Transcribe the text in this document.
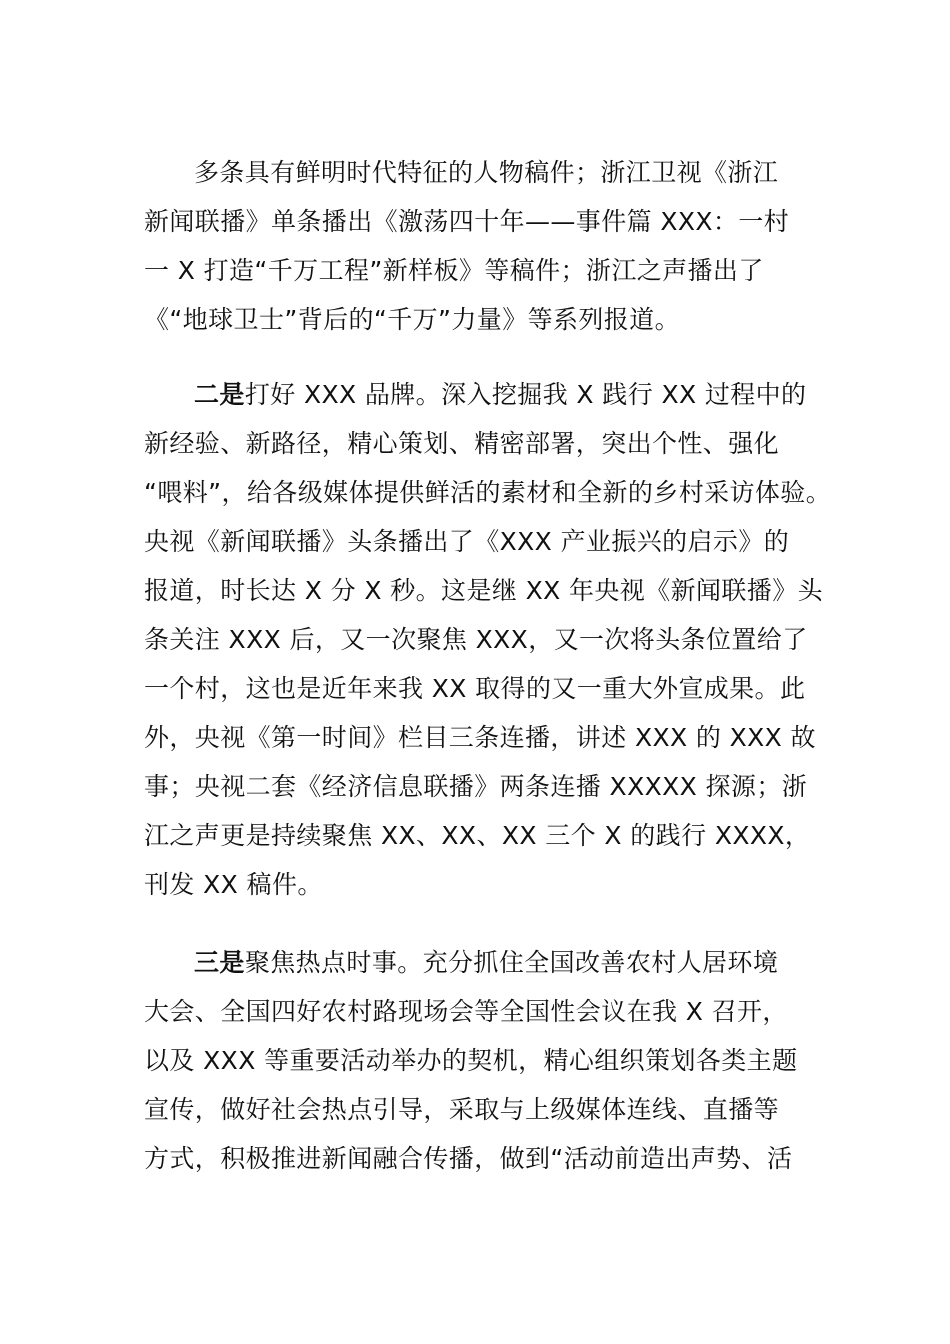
多条具有鲜明时代特征的人物稿件；浙江卫视《浙江
新闻联播》单条播出《激荡四十年——事件篇 XXX：一村
一 X 打造“千万工程”新样板》等稿件；浙江之声播出了
《“地球卫士”背后的“千万”力量》等系列报道。
二是打好 XXX 品牌。深入挖掘我 X 践行 XX 过程中的
新经验、新路径，精心策划、精密部署，突出个性、强化
“喂料”，给各级媒体提供鲜活的素材和全新的乡村采访体验。
央视《新闻联播》头条播出了《XXX 产业振兴的启示》的
报道，时长达 X 分 X 秒。这是继 XX 年央视《新闻联播》头
条关注 XXX 后，又一次聚焦 XXX，又一次将头条位置给了
一个村，这也是近年来我 XX 取得的又一重大外宣成果。此
外，央视《第一时间》栏目三条连播，讲述 XXX 的 XXX 故
事；央视二套《经济信息联播》两条连播 XXXXX 探源；浙
江之声更是持续聚焦 XX、XX、XX 三个 X 的践行 XXXX，
刊发 XX 稿件。
三是聚焦热点时事。充分抓住全国改善农村人居环境
大会、全国四好农村路现场会等全国性会议在我 X 召开，
以及 XXX 等重要活动举办的契机，精心组织策划各类主题
宣传，做好社会热点引导，采取与上级媒体连线、直播等
方式，积极推进新闻融合传播，做到“活动前造出声势、活
